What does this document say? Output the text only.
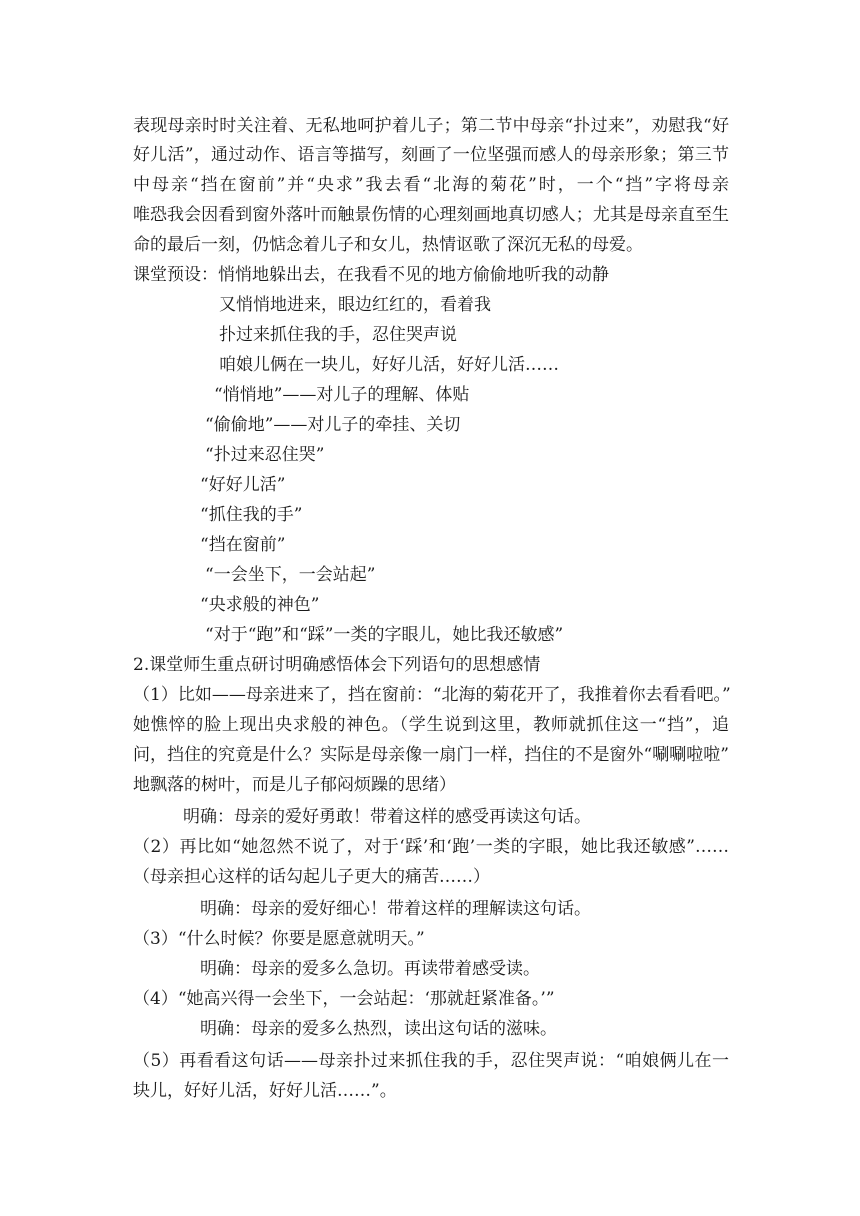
表现母亲时时关注着、无私地呵护着儿子；第二节中母亲“扑过来”，劝慰我“好
好儿活”，通过动作、语言等描写，刻画了一位坚强而感人的母亲形象；第三节
中母亲“挡在窗前”并“央求”我去看“北海的菊花”时，一个“挡”字将母亲
唯恐我会因看到窗外落叶而触景伤情的心理刻画地真切感人；尤其是母亲直至生
命的最后一刻，仍惦念着儿子和女儿，热情讴歌了深沉无私的母爱。
课堂预设：悄悄地躲出去，在我看不见的地方偷偷地听我的动静
又悄悄地进来，眼边红红的，看着我
扑过来抓住我的手，忍住哭声说
咱娘儿俩在一块儿，好好儿活，好好儿活……
“悄悄地”——对儿子的理解、体贴
“偷偷地”——对儿子的牵挂、关切
“扑过来忍住哭”
“好好儿活”
“抓住我的手”
“挡在窗前”
“一会坐下，一会站起”
“央求般的神色”
“对于“跑”和“踩”一类的字眼儿，她比我还敏感”
2.课堂师生重点研讨明确感悟体会下列语句的思想感情
（1）比如——母亲进来了，挡在窗前：“北海的菊花开了，我推着你去看看吧。”
她憔悴的脸上现出央求般的神色。（学生说到这里，教师就抓住这一“挡”，追
问，挡住的究竟是什么？实际是母亲像一扇门一样，挡住的不是窗外“唰唰啦啦”
地飘落的树叶，而是儿子郁闷烦躁的思绪）
明确：母亲的爱好勇敢！带着这样的感受再读这句话。
（2）再比如“她忽然不说了，对于‘踩’和‘跑’一类的字眼，她比我还敏感”……
（母亲担心这样的话勾起儿子更大的痛苦……）
明确：母亲的爱好细心！带着这样的理解读这句话。
（3）“什么时候？你要是愿意就明天。”
明确：母亲的爱多么急切。再读带着感受读。
（4）“她高兴得一会坐下，一会站起：‘那就赶紧准备。’”
明确：母亲的爱多么热烈，读出这句话的滋味。
（5）再看看这句话——母亲扑过来抓住我的手，忍住哭声说：“咱娘俩儿在一
块儿，好好儿活，好好儿活……”。
